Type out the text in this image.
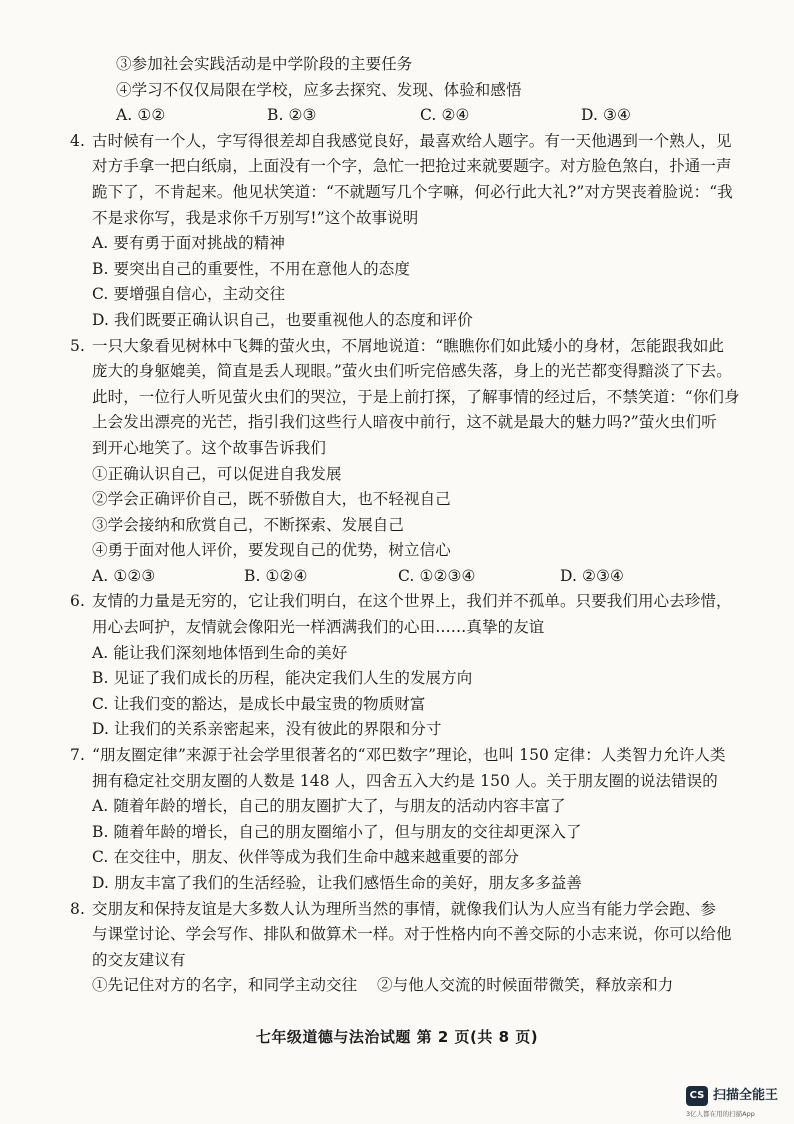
③参加社会实践活动是中学阶段的主要任务
④学习不仅仅局限在学校，应多去探究、发现、体验和感悟
A. ①②	B. ②③	C. ②④	D. ③④
4. 古时候有一个人，字写得很差却自我感觉良好，最喜欢给人题字。有一天他遇到一个熟人，见
对方手拿一把白纸扇，上面没有一个字，急忙一把抢过来就要题字。对方脸色煞白，扑通一声
跪下了，不肯起来。他见状笑道：“不就题写几个字嘛，何必行此大礼?”对方哭丧着脸说：“我
不是求你写，我是求你千万别写!”这个故事说明
A. 要有勇于面对挑战的精神
B. 要突出自己的重要性，不用在意他人的态度
C. 要增强自信心，主动交往
D. 我们既要正确认识自己，也要重视他人的态度和评价
5. 一只大象看见树林中飞舞的萤火虫，不屑地说道：“瞧瞧你们如此矮小的身材，怎能跟我如此
庞大的身躯媲美，简直是丢人现眼。”萤火虫们听完倍感失落，身上的光芒都变得黯淡了下去。
此时，一位行人听见萤火虫们的哭泣，于是上前打探，了解事情的经过后，不禁笑道：“你们身
上会发出漂亮的光芒，指引我们这些行人暗夜中前行，这不就是最大的魅力吗?”萤火虫们听
到开心地笑了。这个故事告诉我们
①正确认识自己，可以促进自我发展
②学会正确评价自己，既不骄傲自大，也不轻视自己
③学会接纳和欣赏自己，不断探索、发展自己
④勇于面对他人评价，要发现自己的优势，树立信心
A. ①②③	B. ①②④	C. ①②③④	D. ②③④
6. 友情的力量是无穷的，它让我们明白，在这个世界上，我们并不孤单。只要我们用心去珍惜，
用心去呵护，友情就会像阳光一样洒满我们的心田……真挚的友谊
A. 能让我们深刻地体悟到生命的美好
B. 见证了我们成长的历程，能决定我们人生的发展方向
C. 让我们变的豁达，是成长中最宝贵的物质财富
D. 让我们的关系亲密起来，没有彼此的界限和分寸
7. “朋友圈定律”来源于社会学里很著名的“邓巴数字”理论，也叫 150 定律：人类智力允许人类
拥有稳定社交朋友圈的人数是 148 人，四舍五入大约是 150 人。关于朋友圈的说法错误的
A. 随着年龄的增长，自己的朋友圈扩大了，与朋友的活动内容丰富了
B. 随着年龄的增长，自己的朋友圈缩小了，但与朋友的交往却更深入了
C. 在交往中，朋友、伙伴等成为我们生命中越来越重要的部分
D. 朋友丰富了我们的生活经验，让我们感悟生命的美好，朋友多多益善
8. 交朋友和保持友谊是大多数人认为理所当然的事情，就像我们认为人应当有能力学会跑、参
与课堂讨论、学会写作、排队和做算术一样。对于性格内向不善交际的小志来说，你可以给他
的交友建议有
①先记住对方的名字，和同学主动交往	②与他人交流的时候面带微笑，释放亲和力
七年级道德与法治试题 第 2 页(共 8 页)
CS 扫描全能王
3亿人都在用的扫描App
